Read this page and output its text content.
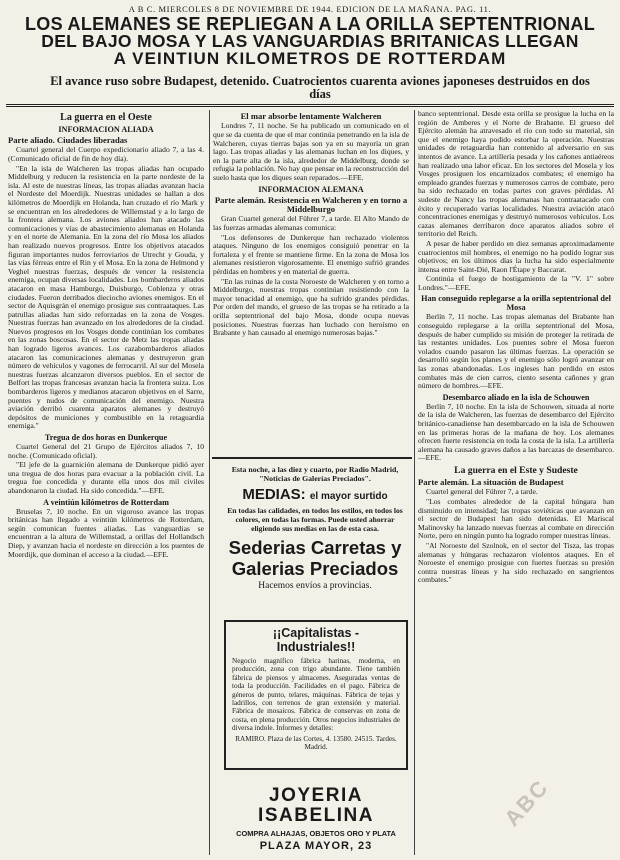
A B C. MIERCOLES 8 DE NOVIEMBRE DE 1944. EDICION DE LA MAÑANA. PAG. 11.
LOS ALEMANES SE REPLIEGAN A LA ORILLA SEPTENTRIONAL
DEL BAJO MOSA Y LAS VANGUARDIAS BRITANICAS LLEGAN
A VEINTIUN KILOMETROS DE ROTTERDAM
El avance ruso sobre Budapest, detenido. Cuatrocientos cuarenta aviones japoneses destruidos en dos días
La guerra en el Oeste
INFORMACION ALIADA
Parte aliado. Ciudades liberadas

Cuartel general del Cuerpo expedicionario aliado 7, a las 4. (Comunicado oficial de fin de hoy día).

"En la isla de Walcheren las tropas aliadas han ocupado Middelburg y reducen la resistencia en la parte nordeste de la isla. Al este de nuestras líneas, las tropas aliadas avanzan hacia el Nordeste del Moerdijk. Nuestras unidades se hallan a dos kilómetros de Moerdijk en Holanda, han cruzado el río Mark y se encuentran en los alrededores de Willemstad y a lo largo de la frontera alemana. Los aviones aliados han atacado las comunicaciones y vías de abastecimiento alemanas en Holanda y en el norte de Alemania. En la zona del río Mosa los aliados han realizado nuevos progresos. Entre los objetivos atacados figuran importantes nudos ferroviarios de Utrecht y Gouda, y las vías férreas entre el Rin y el Mosa. En la zona de Helmond y Veghel nuestras fuerzas, después de vencer la resistencia enemiga, ocupan diversas localidades. Los bombarderos aliados atacaron en masa Hamburgo, Duisburgo, Coblenza y otras ciudades. Fueron derribados dieciocho aviones enemigos. En el sector de Aquisgrán el enemigo prosigue sus contraataques. Las patrullas aliadas han sido reforzadas en la zona de Vosges. Nuestras fuerzas han avanzado en los alrededores de la ciudad. Nuevos progresos en los Vosges donde continúan los combates en las zonas boscosas. En el sector de Metz las tropas aliadas han logrado ligeros avances. Los cazabombarderos aliados atacaron las comunicaciones alemanas y destruyeron gran número de vehículos y vagones de ferrocarril. Al sur del Mosela nuestras fuerzas alcanzaron diversos pueblos. En el sector de Belfort las tropas francesas avanzan hacia la frontera suiza. Los bombarderos ligeros y medianos atacaron objetivos en el Sarre, puentes y nudos de comunicación del enemigo. Nuestra aviación derribó cuarenta aparatos alemanes y destruyó depósitos de municiones y combustible en la retaguardia enemiga."

Tregua de dos horas en Dunkerque

Cuartel General del 21 Grupo de Ejércitos aliados 7, 10 noche. (Comunicado oficial).

"El jefe de la guarnición alemana de Dunkerque pidió ayer una tregua de dos horas para evacuar a la población civil. La tregua fue concedida y durante ella unos dos mil civiles abandonaron la ciudad. Ha sido concedida."—EFE.

A veintiún kilómetros de Rotterdam

Bruselas 7, 10 noche. En un vigoroso avance las tropas británicas han llegado a veintiún kilómetros de Rotterdam, según comunican fuentes aliadas. Las vanguardias se encuentran a la altura de Willemstad, a orillas del Hollandsch Diep, y avanzan hacia el nordeste en dirección a los puentes de Moerdijk, que dominan el acceso a la ciudad.—EFE.

El mar absorbe lentamente Walcheren

Londres 7, 11 noche. Se ha publicado un comunicado en el que se da cuenta de que el mar continúa penetrando en la isla de Walcheren, cuyas tierras bajas son ya en su mayoría un gran lago. Las tropas aliadas y las alemanas luchan en los diques, y en la parte alta de la isla, alrededor de Middelburg, donde se refugia la población. No hay que pensar en la reconstrucción del suelo hasta que los diques sean reparados.—EFE.

INFORMACION ALEMANA
Parte alemán. Resistencia en Walcheren y en torno a Middelburgo

Gran Cuartel general del Führer 7, a tarde. El Alto Mando de las fuerzas armadas alemanas comunica:

"Los defensores de Dunkerque han rechazado violentos ataques. Ninguno de los enemigos consiguió penetrar en la fortaleza y el frente se mantiene firme. En la zona de Mosa los alemanes resistieron vigorosamente. El enemigo sufrió grandes pérdidas en hombres y en material de guerra.

"En las ruinas de la costa Noroeste de Walcheren y en torno a Middelburgo, nuestras tropas continúan resistiendo con la mayor tenacidad al enemigo, que ha sufrido grandes pérdidas. Por orden del mando, el grueso de las tropas se ha retirado a la orilla septentrional del bajo Mosa, donde ocupa nuevas posiciones. Nuestras fuerzas han luchado con heroísmo en Brabante y han causado al enemigo numerosas bajas."

Esta noche, a las diez y cuarto, por Radio Madrid, "Noticias de Galerías Preciados".
MEDIAS: el mayor surtido
En todas las calidades, en todos los estilos, en todos los colores, en todas las formas. Puede usted ahorrar eligiendo sus medias en las de esta casa.
Sederias Carretas y Galerias Preciados
Hacemos envíos a provincias.
¡¡Capitalistas - Industriales!!
Negocio magnífico fábrica harinas, moderna, en producción, zona con trigo abundante. Tiene también fábrica de piensos y almacenes. Aseguradas ventas de toda la producción. Facilidades en el pago. Fábrica de géneros de punto, telares, máquinas. Fábrica de tejas y ladrillos, con terrenos de gran extensión y material. Fábrica de mosaicos. Fábrica de conservas en zona de costa, en plena producción. Otros negocios industriales de diversa índole. Informes y detalles:
RAMIRO. Plaza de las Cortes, 4. 13580. 24515. Tardes. Madrid.
JOYERIA ISABELINA
COMPRA ALHAJAS, OBJETOS ORO Y PLATA
PLAZA MAYOR, 23

banco septentrional. Desde esta orilla se prosigue la lucha en la región de Amberes y el Norte de Brabante. El grueso del Ejército alemán ha atravesado el río con todo su material, sin que el enemigo haya podido estorbar la operación. Nuestras unidades de retaguardia han contenido al adversario en sus intentos de avance. La artillería pesada y los cañones antiaéreos han realizado una labor eficaz. En los sectores del Mosela y los Vosges prosiguen los encarnizados combates; el enemigo ha empleado grandes fuerzas y numerosos carros de combate, pero ha sido rechazado en todas partes con graves pérdidas. Al sudeste de Nancy las tropas alemanas han contraatacado con éxito y recuperado varias localidades. Nuestra aviación atacó concentraciones enemigas y destruyó numerosos vehículos. Los cazas alemanes derribaron doce aparatos aliados sobre el territorio del Reich.

A pesar de haber perdido en diez semanas aproximadamente cuatrocientos mil hombres, el enemigo no ha podido lograr sus objetivos; en los últimos días la lucha ha sido especialmente intensa entre Saint-Dié, Raon l'Étape y Baccarat.

Continúa el fuego de hostigamiento de la "V. 1" sobre Londres."—EFE.

Han conseguido replegarse a la orilla septentrional del Mosa

Berlín 7, 11 noche. Las tropas alemanas del Brabante han conseguido replegarse a la orilla septentrional del Mosa, después de haber cumplido su misión de proteger la retirada de las restantes unidades. Los puentes sobre el Mosa fueron volados cuando pasaron las últimas fuerzas. La operación se desarrolló según los planes y el enemigo sólo logró avanzar en las zonas abandonadas. Los ingleses han perdido en estos combates más de cien carros, ciento sesenta cañones y gran número de hombres.—EFE.

Desembarco aliado en la isla de Schouwen

Berlín 7, 10 noche. En la isla de Schouwen, situada al norte de la isla de Walcheren, las fuerzas de desembarco del Ejército británico-canadiense han desembarcado en la isla de Schouwen en las primeras horas de la mañana de hoy. Los alemanes ofrecen fuerte resistencia en toda la costa de la isla. La artillería alemana ha causado graves daños a las barcazas de desembarco.—EFE.

La guerra en el Este y Sudeste
Parte alemán. La situación de Budapest

Cuartel general del Führer 7, a tarde.

"Los combates alrededor de la capital húngara han disminuido en intensidad; las tropas soviéticas que avanzan en el sector de Budapest han sido detenidas. El Mariscal Malinovsky ha lanzado nuevas fuerzas al combate en dirección Norte, pero en ningún punto ha logrado romper nuestras líneas.

"Al Noroeste del Szolnok, en el sector del Tisza, las tropas alemanas y húngaras rechazaron violentos ataques. En el Noroeste el enemigo prosigue con fuertes fuerzas su presión contra nuestras líneas y ha sido rechazado en sangrientos combates."

ABC
